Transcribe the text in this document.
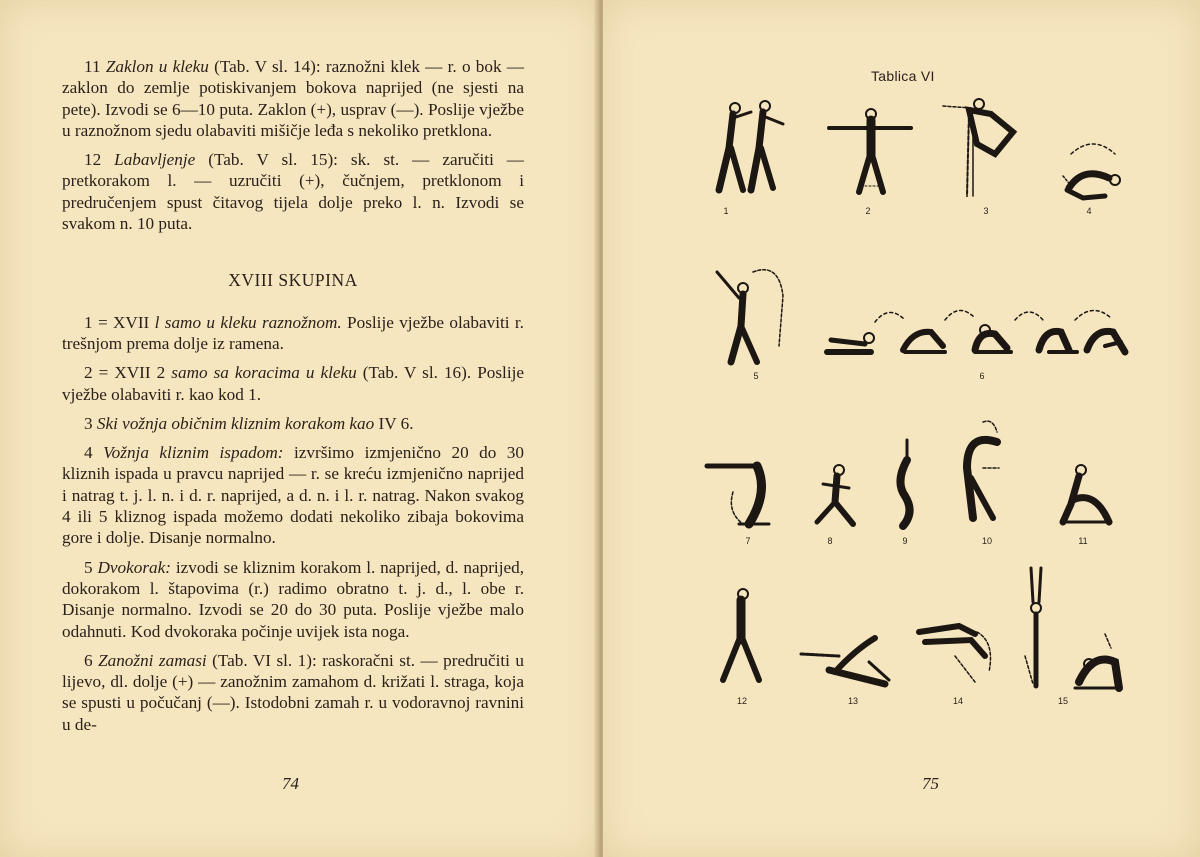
11 Zaklon u kleku (Tab. V sl. 14): raznožni klek — r. o bok — zaklon do zemlje potiskivanjem bokova naprijed (ne sjesti na pete). Izvodi se 6—10 puta. Zaklon (+), usprav (—). Poslije vježbe u raznožnom sjedu olabaviti mišičje leđa s nekoliko pretklona.

12 Labavljenje (Tab. V sl. 15): sk. st. — zaručiti — pretkorakom l. — uzručiti (+), čučnjem, pretklonom i predručenjem spust čitavog tijela dolje preko l. n. Izvodi se svakom n. 10 puta.

XVIII SKUPINA

1 = XVII l samo u kleku raznožnom. Poslije vježbe olabaviti r. trešnjom prema dolje iz ramena.

2 = XVII 2 samo sa koracima u kleku (Tab. V sl. 16). Poslije vježbe olabaviti r. kao kod 1.

3 Ski vožnja običnim kliznim korakom kao IV 6.

4 Vožnja kliznim ispadom: izvršimo izmjenično 20 do 30 kliznih ispada u pravcu naprijed — r. se kreću izmjenično naprijed i natrag t. j. l. n. i d. r. naprijed, a d. n. i l. r. natrag. Nakon svakog 4 ili 5 kliznog ispada možemo dodati nekoliko zibaja bokovima gore i dolje. Disanje normalno.

5 Dvokorak: izvodi se kliznim korakom l. naprijed, d. naprijed, dokorakom l. štapovima (r.) radimo obratno t. j. d., l. obe r. Disanje normalno. Izvodi se 20 do 30 puta. Poslije vježbe malo odahnuti. Kod dvokoraka počinje uvijek ista noga.

6 Zanožni zamasi (Tab. VI sl. 1): raskoračni st. — predručiti u lijevo, dl. dolje (+) — zanožnim zamahom d. križati l. straga, koja se spusti u počučanj (—). Istodobni zamah r. u vodoravnoj ravnini u de-

74
Tablica VI
1	2	3	4
5	6
7	8	9	10	11
12	13	14	15
75
